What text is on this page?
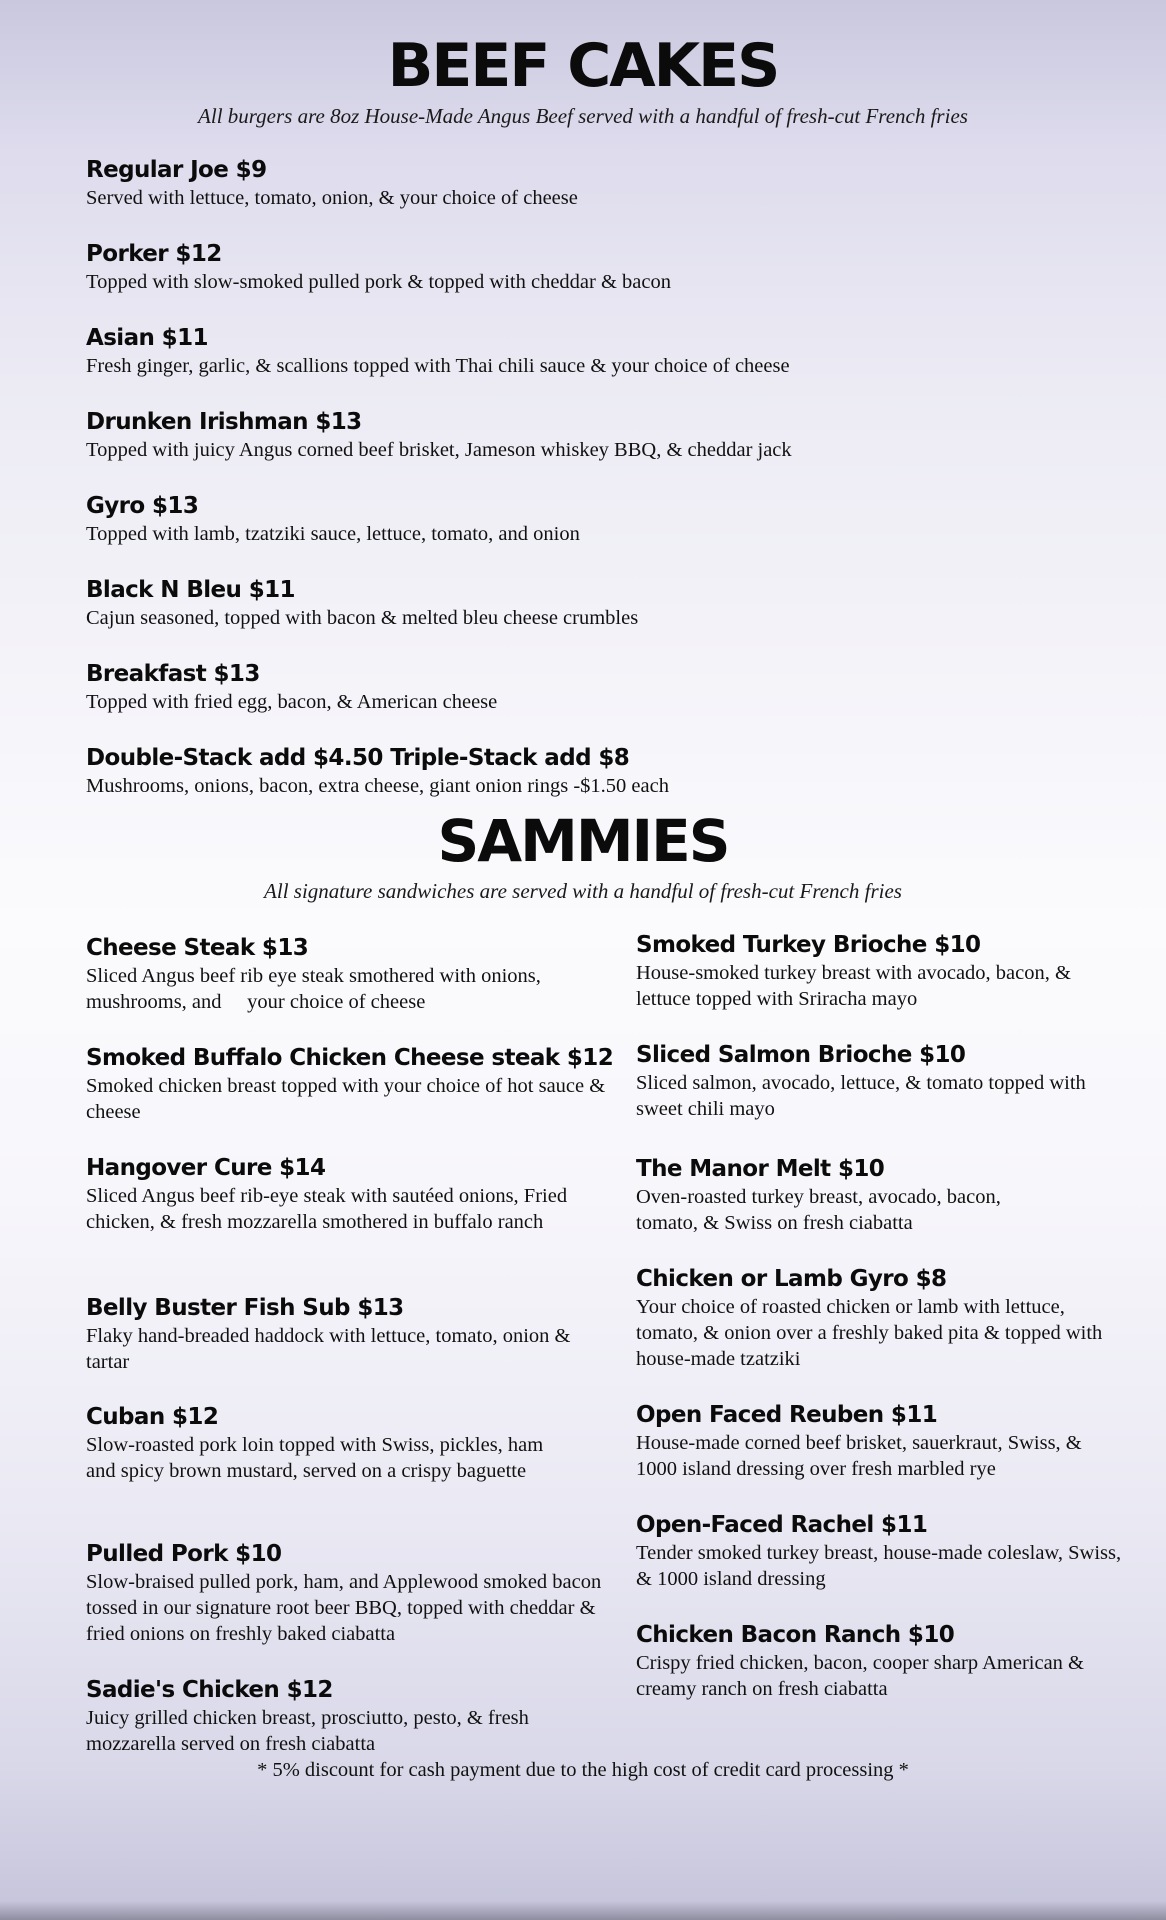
BEEF CAKES
All burgers are 8oz House-Made Angus Beef served with a handful of fresh-cut French fries
Regular Joe $9
Served with lettuce, tomato, onion, & your choice of cheese
Porker $12
Topped with slow-smoked pulled pork & topped with cheddar & bacon
Asian $11
Fresh ginger, garlic, & scallions topped with Thai chili sauce & your choice of cheese
Drunken Irishman $13
Topped with juicy Angus corned beef brisket, Jameson whiskey BBQ, & cheddar jack
Gyro $13
Topped with lamb, tzatziki sauce, lettuce, tomato, and onion
Black N Bleu $11
Cajun seasoned, topped with bacon & melted bleu cheese crumbles
Breakfast $13
Topped with fried egg, bacon, & American cheese
Double-Stack add $4.50 Triple-Stack add $8
Mushrooms, onions, bacon, extra cheese, giant onion rings -$1.50 each
SAMMIES
All signature sandwiches are served with a handful of fresh-cut French fries
Cheese Steak $13
Sliced Angus beef rib eye steak smothered with onions, mushrooms, and     your choice of cheese
Smoked Buffalo Chicken Cheese steak $12
Smoked chicken breast topped with your choice of hot sauce & cheese
Hangover Cure $14
Sliced Angus beef rib-eye steak with sautéed onions, Fried chicken, & fresh mozzarella smothered in buffalo ranch
Belly Buster Fish Sub $13
Flaky hand-breaded haddock with lettuce, tomato, onion & tartar
Cuban $12
Slow-roasted pork loin topped with Swiss, pickles, ham and spicy brown mustard, served on a crispy baguette
Pulled Pork $10
Slow-braised pulled pork, ham, and Applewood smoked bacon tossed in our signature root beer BBQ, topped with cheddar & fried onions on freshly baked ciabatta
Sadie's Chicken $12
Juicy grilled chicken breast, prosciutto, pesto, & fresh mozzarella served on fresh ciabatta
Smoked Turkey Brioche $10
House-smoked turkey breast with avocado, bacon, & lettuce topped with Sriracha mayo
Sliced Salmon Brioche $10
Sliced salmon, avocado, lettuce, & tomato topped with sweet chili mayo
The Manor Melt $10
Oven-roasted turkey breast, avocado, bacon, tomato, & Swiss on fresh ciabatta
Chicken or Lamb Gyro $8
Your choice of roasted chicken or lamb with lettuce, tomato, & onion over a freshly baked pita & topped with house-made tzatziki
Open Faced Reuben $11
House-made corned beef brisket, sauerkraut, Swiss, & 1000 island dressing over fresh marbled rye
Open-Faced Rachel $11
Tender smoked turkey breast, house-made coleslaw, Swiss, & 1000 island dressing
Chicken Bacon Ranch $10
Crispy fried chicken, bacon, cooper sharp American & creamy ranch on fresh ciabatta
* 5% discount for cash payment due to the high cost of credit card processing *
